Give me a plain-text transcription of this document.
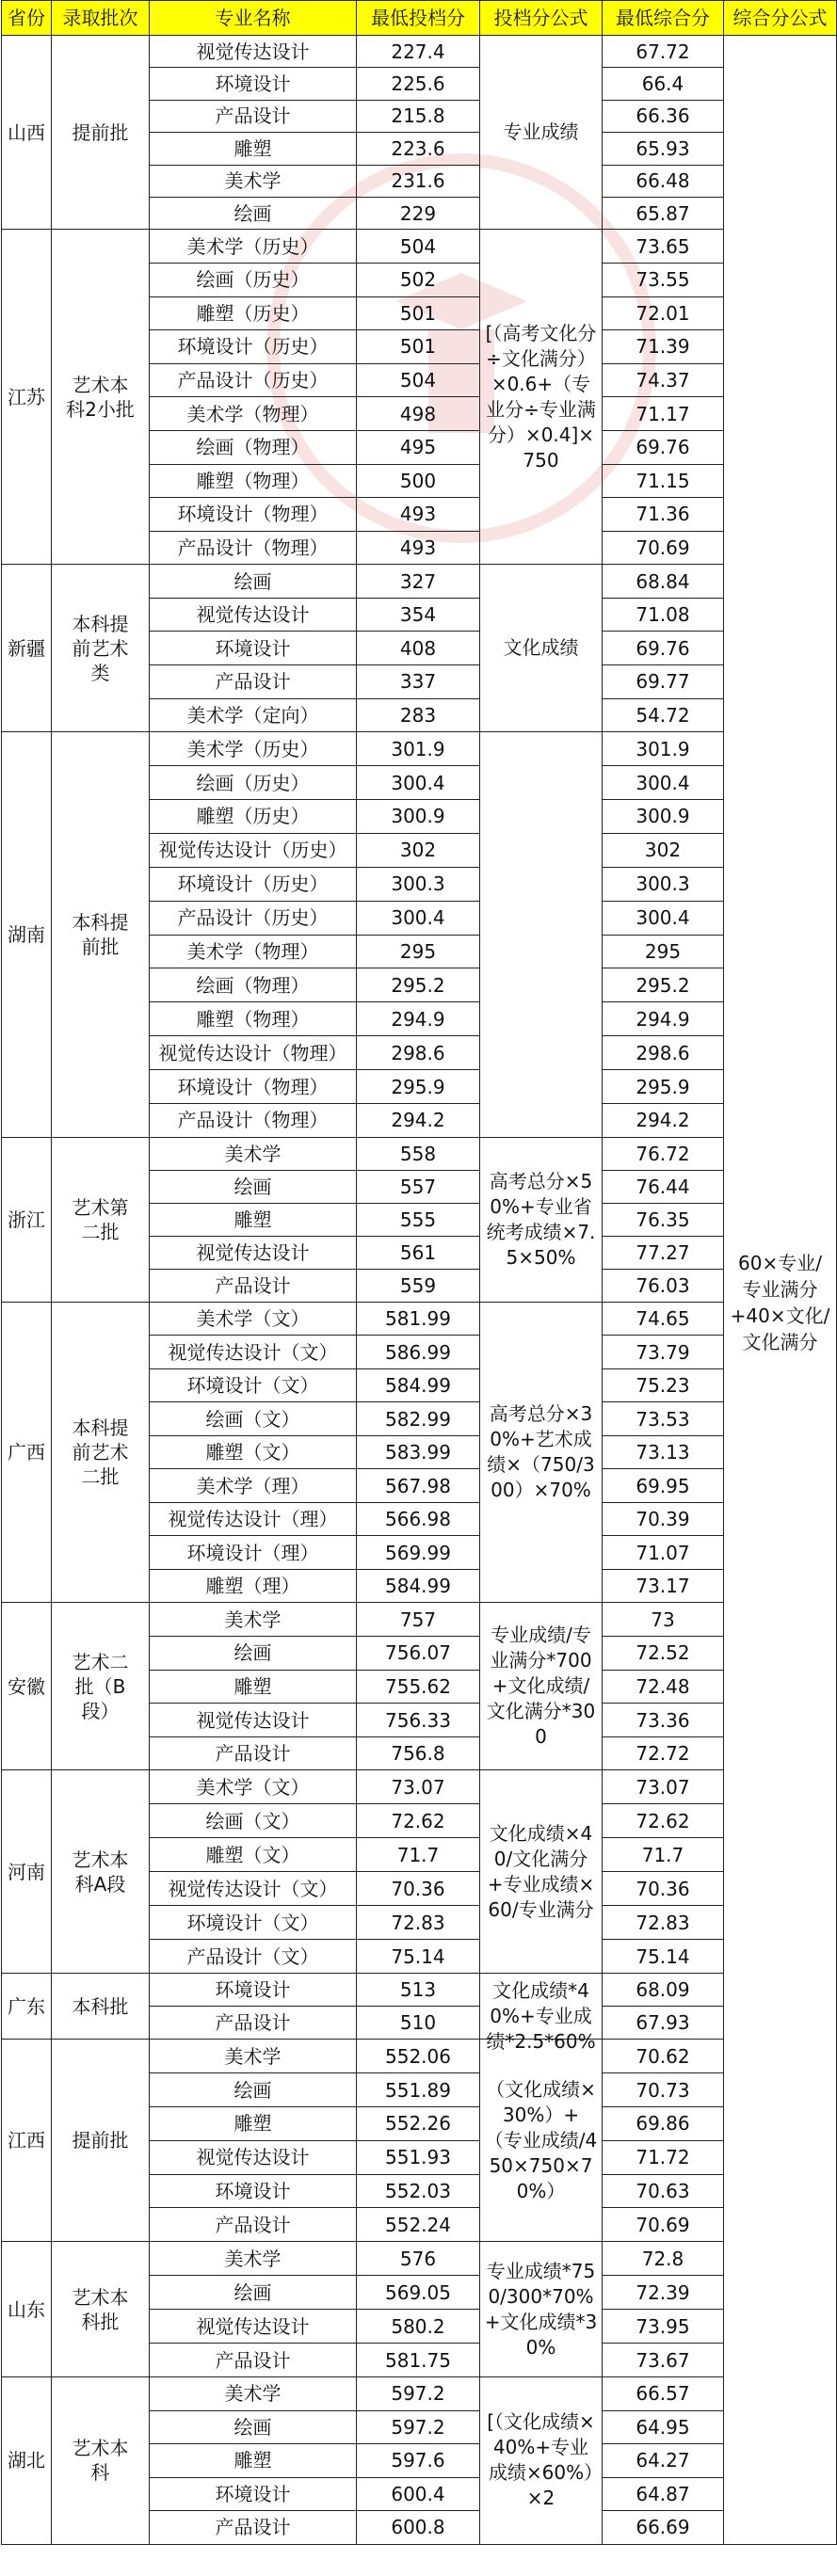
省份	录取批次	专业名称	最低投档分	投档分公式	最低综合分	综合分公式
山西	提前批	视觉传达设计	227.4	专业成绩	67.72	60×专业/专业满分+40×文化/文化满分

		环境设计	225.6		66.4	
		产品设计	215.8		66.36	
		雕塑	223.6		65.93	
		美术学	231.6		66.48	
		绘画	229		65.87	
江苏	艺术本科2小批	美术学（历史）	504	[（高考文化分÷文化满分）×0.6+（专业分÷专业满分）×0.4]×750	73.65	
		绘画（历史）	502		73.55	
		雕塑（历史）	501		72.01	
		环境设计（历史）	501		71.39	
		产品设计（历史）	504		74.37	
		美术学（物理）	498		71.17	
		绘画（物理）	495		69.76	
		雕塑（物理）	500		71.15	
		环境设计（物理）	493		71.36	
		产品设计（物理）	493		70.69	
新疆	本科提前艺术类	绘画	327	文化成绩	68.84	
		视觉传达设计	354		71.08	
		环境设计	408		69.76	
		产品设计	337		69.77	
		美术学（定向）	283		54.72	
湖南	本科提前批	美术学（历史）	301.9		301.9	
		绘画（历史）	300.4		300.4	
		雕塑（历史）	300.9		300.9	
		视觉传达设计（历史）	302		302	
		环境设计（历史）	300.3		300.3	
		产品设计（历史）	300.4		300.4	
		美术学（物理）	295		295	
		绘画（物理）	295.2		295.2	
		雕塑（物理）	294.9		294.9	
		视觉传达设计（物理）	298.6		298.6	
		环境设计（物理）	295.9		295.9	
		产品设计（物理）	294.2		294.2	
浙江	艺术第二批	美术学	558	高考总分×50%+专业省统考成绩×7.5×50%	76.72	
		绘画	557		76.44	
		雕塑	555		76.35	
		视觉传达设计	561		77.27	
		产品设计	559		76.03	
广西	本科提前艺术二批	美术学（文）	581.99	高考总分×30%+艺术成绩×（750/300）×70%	74.65	
		视觉传达设计（文）	586.99		73.79	
		环境设计（文）	584.99		75.23	
		绘画（文）	582.99		73.53	
		雕塑（文）	583.99		73.13	
		美术学（理）	567.98		69.95	
		视觉传达设计（理）	566.98		70.39	
		环境设计（理）	569.99		71.07	
		雕塑（理）	584.99		73.17	
安徽	艺术二批（B段）	美术学	757	专业成绩/专业满分*700+文化成绩/文化满分*300	73	
		绘画	756.07		72.52	
		雕塑	755.62		72.48	
		视觉传达设计	756.33		73.36	
		产品设计	756.8		72.72	
河南	艺术本科A段	美术学（文）	73.07	文化成绩×40/文化满分+专业成绩×60/专业满分	73.07	
		绘画（文）	72.62		72.62	
		雕塑（文）	71.7		71.7	
		视觉传达设计（文）	70.36		70.36	
		环境设计（文）	72.83		72.83	
		产品设计（文）	75.14		75.14	
广东	本科批	环境设计	513	文化成绩*40%+专业成绩*2.5*60%	68.09	
		产品设计	510		67.93	
江西	提前批	美术学	552.06	（文化成绩×30%）+（专业成绩/450×750×70%）	70.62	
		绘画	551.89		70.73	
		雕塑	552.26		69.86	
		视觉传达设计	551.93		71.72	
		环境设计	552.03		70.63	
		产品设计	552.24		70.69	
山东	艺术本科批	美术学	576	专业成绩*750/300*70%+文化成绩*30%	72.8	
		绘画	569.05		72.39	
		视觉传达设计	580.2		73.95	
		产品设计	581.75		73.67	
湖北	艺术本科	美术学	597.2	[（文化成绩×40%+专业成绩×60%）×2	66.57	
		绘画	597.2		64.95	
		雕塑	597.6		64.27	
		环境设计	600.4		64.87	
		产品设计	600.8		66.69	
